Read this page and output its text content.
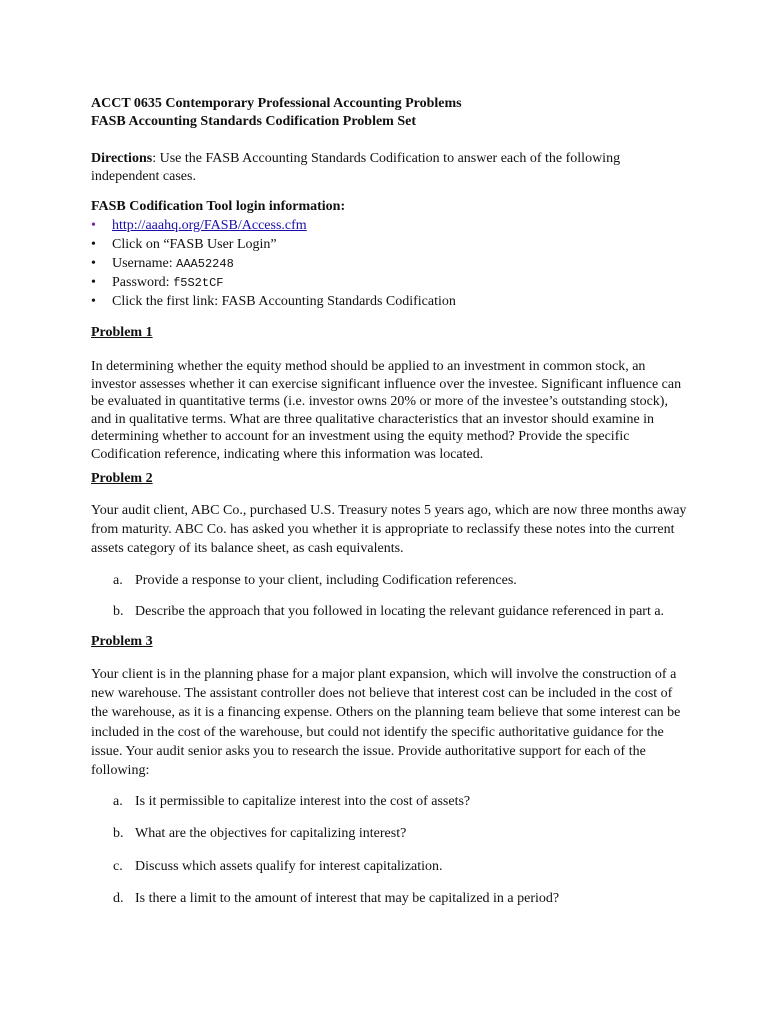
ACCT 0635 Contemporary Professional Accounting Problems
FASB Accounting Standards Codification Problem Set
Directions: Use the FASB Accounting Standards Codification to answer each of the following independent cases.
FASB Codification Tool login information:
• http://aaahq.org/FASB/Access.cfm
• Click on “FASB User Login”
• Username: AAA52248
• Password: f5S2tCF
• Click the first link: FASB Accounting Standards Codification
Problem 1
In determining whether the equity method should be applied to an investment in common stock, an investor assesses whether it can exercise significant influence over the investee. Significant influence can be evaluated in quantitative terms (i.e. investor owns 20% or more of the investee’s outstanding stock), and in qualitative terms. What are three qualitative characteristics that an investor should examine in determining whether to account for an investment using the equity method? Provide the specific Codification reference, indicating where this information was located.
Problem 2
Your audit client, ABC Co., purchased U.S. Treasury notes 5 years ago, which are now three months away from maturity. ABC Co. has asked you whether it is appropriate to reclassify these notes into the current assets category of its balance sheet, as cash equivalents.
a. Provide a response to your client, including Codification references.
b. Describe the approach that you followed in locating the relevant guidance referenced in part a.
Problem 3
Your client is in the planning phase for a major plant expansion, which will involve the construction of a new warehouse. The assistant controller does not believe that interest cost can be included in the cost of the warehouse, as it is a financing expense. Others on the planning team believe that some interest can be included in the cost of the warehouse, but could not identify the specific authoritative guidance for the issue. Your audit senior asks you to research the issue. Provide authoritative support for each of the following:
a. Is it permissible to capitalize interest into the cost of assets?
b. What are the objectives for capitalizing interest?
c. Discuss which assets qualify for interest capitalization.
d. Is there a limit to the amount of interest that may be capitalized in a period?
